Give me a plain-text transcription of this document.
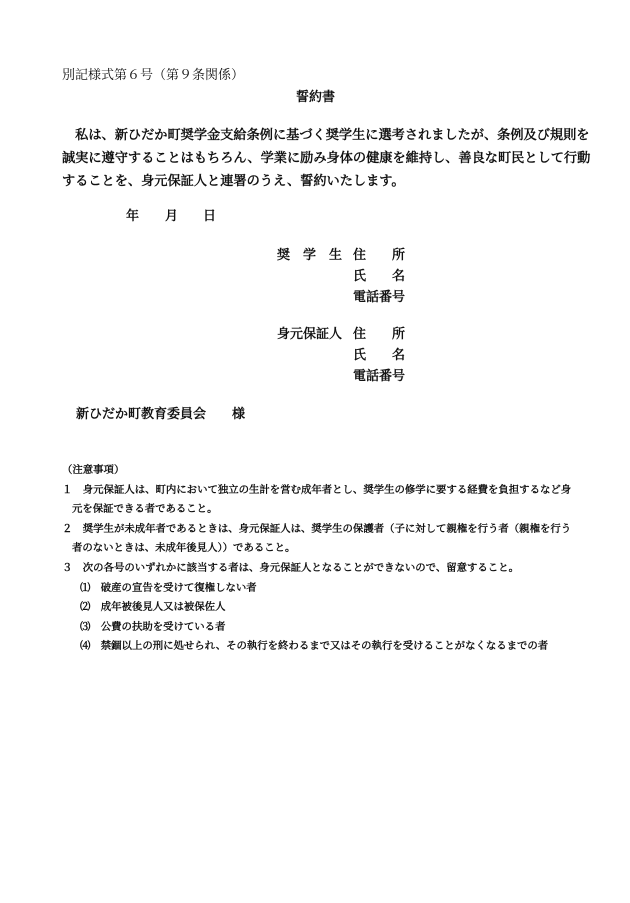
別記様式第６号（第９条関係）
誓約書

　私は、新ひだか町奨学金支給条例に基づく奨学生に選考されましたが、条例及び規則を

誠実に遵守することはもちろん、学業に励み身体の健康を維持し、善良な町民として行動

することを、身元保証人と連署のうえ、誓約いたします。

年 月 日
奨　学　生 住　　所
氏　　名
電話番号
身元保証人 住　　所
氏　　名
電話番号
新ひだか町教育委員会　　様
（注意事項）
１　身元保証人は、町内において独立の生計を営む成年者とし、奨学生の修学に要する経費を負担するなど身
元を保証できる者であること。
２　奨学生が未成年者であるときは、身元保証人は、奨学生の保護者（子に対して親権を行う者（親権を行う
者のないときは、未成年後見人））であること。
３　次の各号のいずれかに該当する者は、身元保証人となることができないので、留意すること。
⑴　破産の宣告を受けて復権しない者
⑵　成年被後見人又は被保佐人
⑶　公費の扶助を受けている者
⑷　禁錮以上の刑に処せられ、その執行を終わるまで又はその執行を受けることがなくなるまでの者
